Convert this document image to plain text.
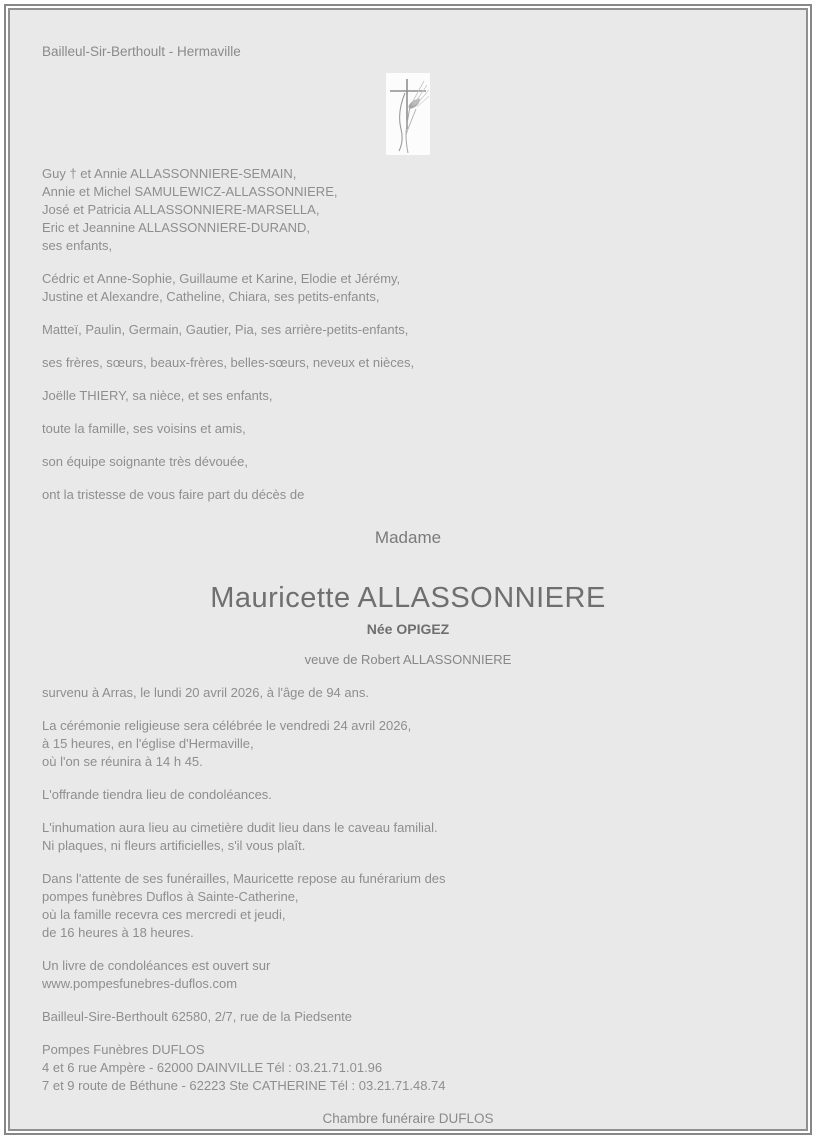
Bailleul-Sir-Berthoult - Hermaville

Guy † et Annie ALLASSONNIERE-SEMAIN,
Annie et Michel SAMULEWICZ-ALLASSONNIERE,
José et Patricia ALLASSONNIERE-MARSELLA,
Eric et Jeannine ALLASSONNIERE-DURAND,
ses enfants,

Cédric et Anne-Sophie, Guillaume et Karine, Elodie et Jérémy,
Justine et Alexandre, Catheline, Chiara, ses petits-enfants,

Matteï, Paulin, Germain, Gautier, Pia, ses arrière-petits-enfants,

ses frères, sœurs, beaux-frères, belles-sœurs, neveux et nièces,

Joëlle THIERY, sa nièce, et ses enfants,

toute la famille, ses voisins et amis,

son équipe soignante très dévouée,

ont la tristesse de vous faire part du décès de

Madame
Mauricette ALLASSONNIERE
Née OPIGEZ
veuve de Robert ALLASSONNIERE

survenu à Arras, le lundi 20 avril 2026, à l'âge de 94 ans.

La cérémonie religieuse sera célébrée le vendredi 24 avril 2026,
à 15 heures, en l'église d'Hermaville,
où l'on se réunira à 14 h 45.

L'offrande tiendra lieu de condoléances.

L'inhumation aura lieu au cimetière dudit lieu dans le caveau familial.
Ni plaques, ni fleurs artificielles, s'il vous plaît.

Dans l'attente de ses funérailles, Mauricette repose au funérarium des
pompes funèbres Duflos à Sainte-Catherine,
où la famille recevra ces mercredi et jeudi,
de 16 heures à 18 heures.

Un livre de condoléances est ouvert sur
www.pompesfunebres-duflos.com

Bailleul-Sire-Berthoult 62580, 2/7, rue de la Piedsente

Pompes Funèbres DUFLOS
4 et 6 rue Ampère - 62000 DAINVILLE Tél : 03.21.71.01.96
7 et 9 route de Béthune - 62223 Ste CATHERINE Tél : 03.21.71.48.74

Chambre funéraire DUFLOS
